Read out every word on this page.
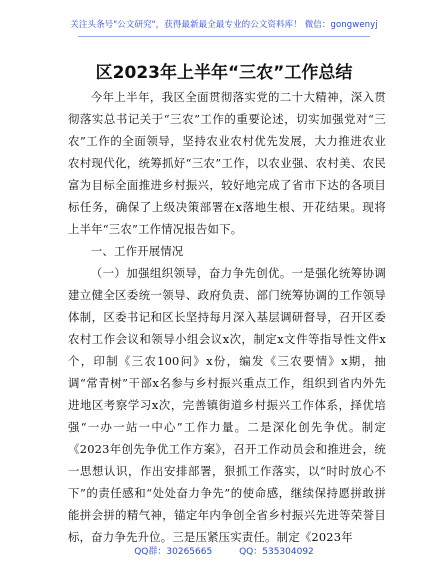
关注头条号"公文研究"，获得最新最全最专业的公文资料库！ 微信：gongwenyj
区2023年上半年“三农”工作总结

今年上半年，我区全面贯彻落实党的二十大精神，深入贯彻落实总书记关于“三农”工作的重要论述，切实加强党对“三农”工作的全面领导，坚持农业农村优先发展，大力推进农业农村现代化，统筹抓好“三农”工作，以农业强、农村美、农民富为目标全面推进乡村振兴，较好地完成了省市下达的各项目标任务，确保了上级决策部署在x落地生根、开花结果。现将上半年“三农”工作情况报告如下。

一、工作开展情况

（一）加强组织领导，奋力争先创优。一是强化统筹协调建立健全区委统一领导、政府负责、部门统筹协调的工作领导体制，区委书记和区长坚持每月深入基层调研督导，召开区委农村工作会议和领导小组会议x次，制定x文件等指导性文件x个，印制《三农100问》x份，编发《三农要情》x期，抽调“常青树”干部x名参与乡村振兴重点工作，组织到省内外先进地区考察学习x次，完善镇街道乡村振兴工作体系，择优培强“一办一站一中心”工作力量。二是深化创先争优。制定《2023年创先争优工作方案》，召开工作动员会和推进会，统一思想认识，作出安排部署，狠抓工作落实，以“时时放心不下”的责任感和“处处奋力争先”的使命感，继续保持愿拼敢拼能拼会拼的精气神，锚定年内争创全省乡村振兴先进等荣誉目标，奋力争先升位。三是压紧压实责任。制定《2023年

QQ群：30265665	QQ：535304092
